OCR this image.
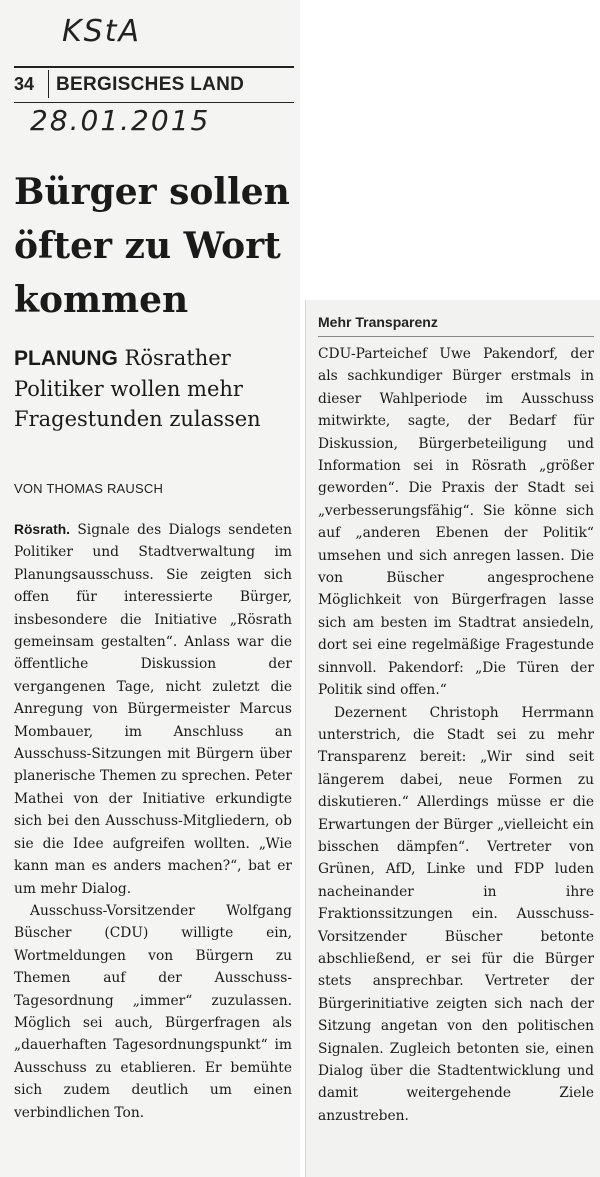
KStA
34 BERGISCHES LAND
28.01.2015
Bürger sollen öfter zu Wort kommen

PLANUNG Rösrather Politiker wollen mehr Fragestunden zulassen

VON THOMAS RAUSCH

Rösrath. Signale des Dialogs sendeten Politiker und Stadtverwaltung im Planungsausschuss. Sie zeigten sich offen für interessierte Bürger, insbesondere die Initiative „Rösrath gemeinsam gestalten“. Anlass war die öffentliche Diskussion der vergangenen Tage, nicht zuletzt die Anregung von Bürgermeister Marcus Mombauer, im Anschluss an Ausschuss-Sitzungen mit Bürgern über planerische Themen zu sprechen. Peter Mathei von der Initiative erkundigte sich bei den Ausschuss-Mitgliedern, ob sie die Idee aufgreifen wollten. „Wie kann man es anders machen?“, bat er um mehr Dialog.

Ausschuss-Vorsitzender Wolfgang Büscher (CDU) willigte ein, Wortmeldungen von Bürgern zu Themen auf der Ausschuss-Tagesordnung „immer“ zuzulassen. Möglich sei auch, Bürgerfragen als „dauerhaften Tagesordnungspunkt“ im Ausschuss zu etablieren. Er bemühte sich zudem deutlich um einen verbindlichen Ton.

Mehr Transparenz

CDU-Parteichef Uwe Pakendorf, der als sachkundiger Bürger erstmals in dieser Wahlperiode im Ausschuss mitwirkte, sagte, der Bedarf für Diskussion, Bürgerbeteiligung und Information sei in Rösrath „größer geworden“. Die Praxis der Stadt sei „verbesserungsfähig“. Sie könne sich auf „anderen Ebenen der Politik“ umsehen und sich anregen lassen. Die von Büscher angesprochene Möglichkeit von Bürgerfragen lasse sich am besten im Stadtrat ansiedeln, dort sei eine regelmäßige Fragestunde sinnvoll. Pakendorf: „Die Türen der Politik sind offen.“

Dezernent Christoph Herrmann unterstrich, die Stadt sei zu mehr Transparenz bereit: „Wir sind seit längerem dabei, neue Formen zu diskutieren.“ Allerdings müsse er die Erwartungen der Bürger „vielleicht ein bisschen dämpfen“. Vertreter von Grünen, AfD, Linke und FDP luden nacheinander in ihre Fraktionssitzungen ein. Ausschuss-Vorsitzender Büscher betonte abschließend, er sei für die Bürger stets ansprechbar. Vertreter der Bürgerinitiative zeigten sich nach der Sitzung angetan von den politischen Signalen. Zugleich betonten sie, einen Dialog über die Stadtentwicklung und damit weitergehende Ziele anzustreben.
